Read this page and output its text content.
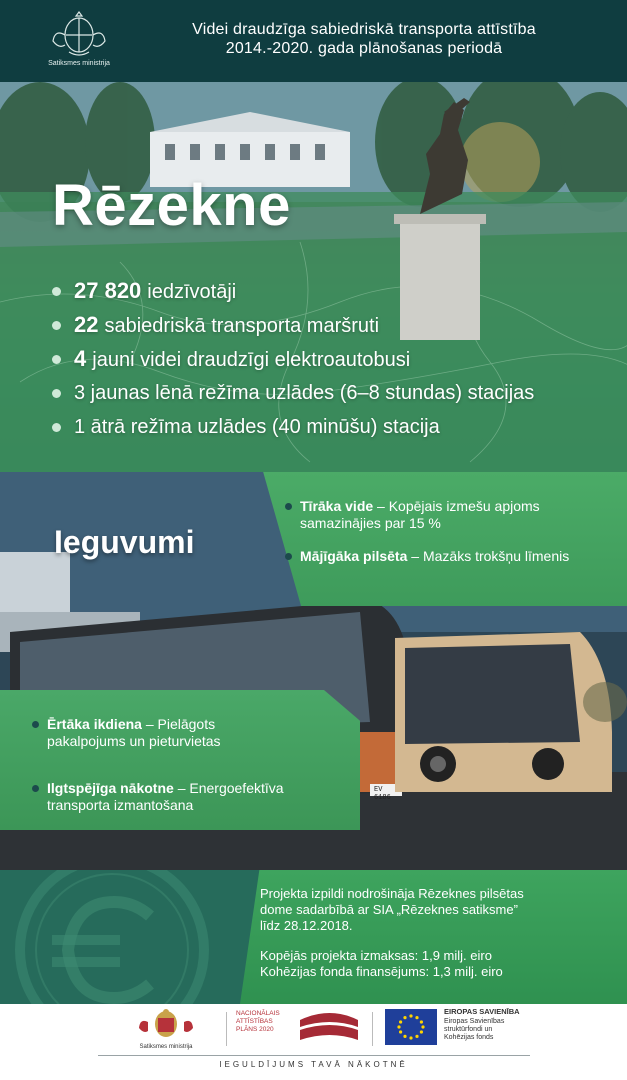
Satiksmes ministrija
Videi draudzīga sabiedriskā transporta attīstība
2014.-2020. gada plānošanas periodā
Rēzekne
27 820 iedzīvotāji
22 sabiedriskā transporta maršruti
4 jauni videi draudzīgi elektroautobusi
3 jaunas lēnā režīma uzlādes (6–8 stundas) stacijas
1 ātrā režīma uzlādes (40 minūšu) stacija
Ieguvumi
Tīrāka vide – Kopējais izmešu apjoms samazinājies par 15 %
Mājīgāka pilsēta – Mazāks trokšņu līmenis
Ērtāka ikdiena – Pielāgots pakalpojums un pieturvietas
Ilgtspējīga nākotne – Energoefektīva transporta izmantošana
EV 6186

Projekta izpildi nodrošināja Rēzeknes pilsētas

dome sadarbībā ar SIA „Rēzeknes satiksme”

līdz 28.12.2018.

Kopējās projekta izmaksas: 1,9 milj. eiro

Kohēzijas fonda finansējums: 1,3 milj. eiro

Satiksmes ministrija
NACIONĀLAIS
ATTĪSTĪBAS
PLĀNS 2020
EIROPAS SAVIENĪBA
Eiropas Savienības
struktūrfondi un
Kohēzijas fonds
IEGULDĪJUMS TAVĀ NĀKOTNĒ
